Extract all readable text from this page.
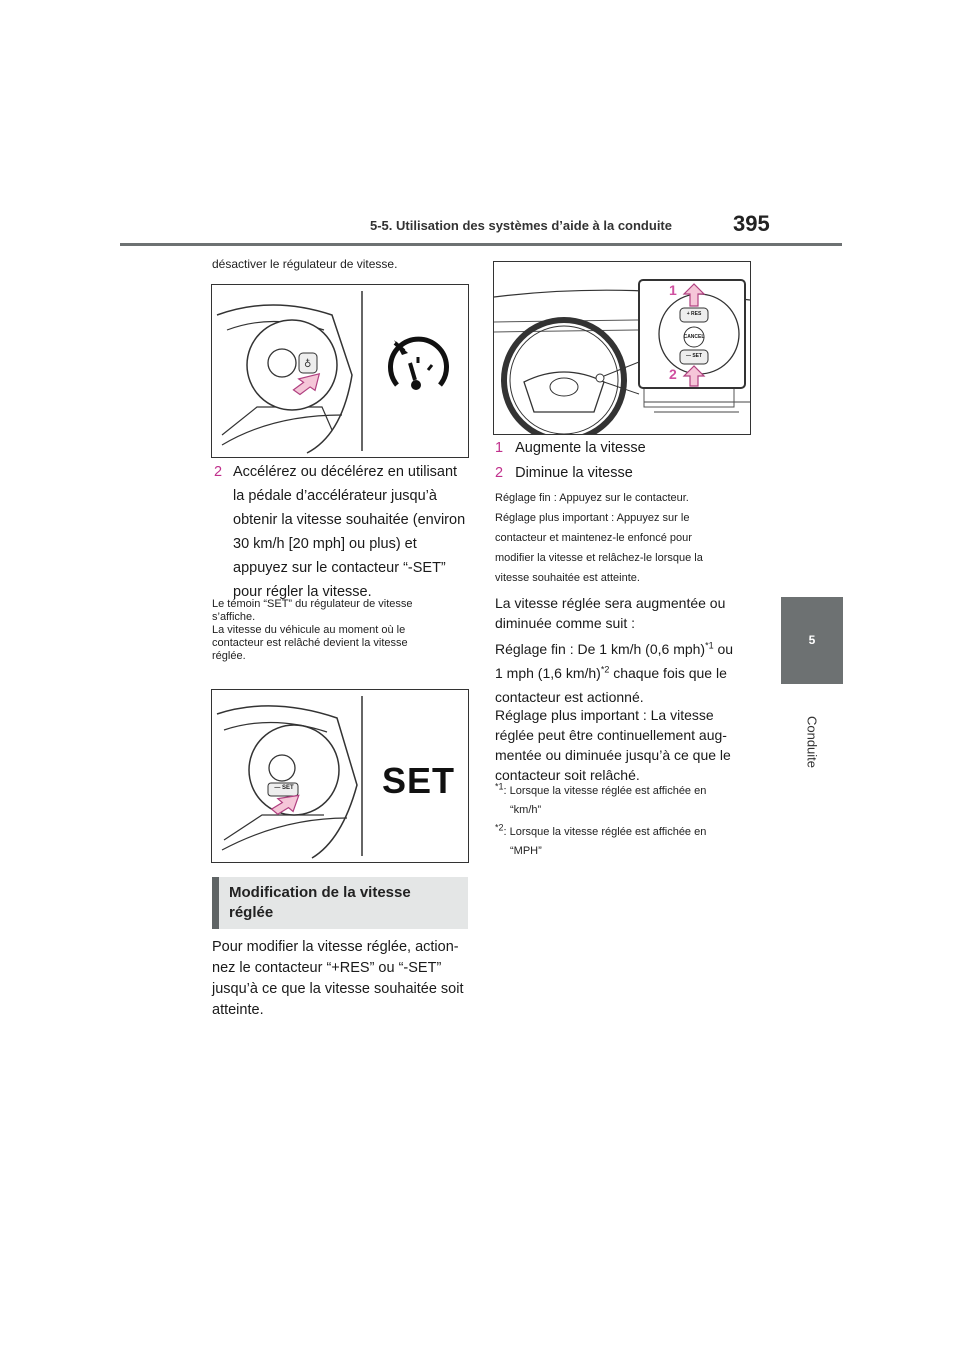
5-5. Utilisation des systèmes d’aide à la conduite	395
5
Conduite
désactiver le régulateur de vitesse.
♁
2 Accélérez ou décélérez en utilisant
la pédale d’accélérateur jusqu’à
obtenir la vitesse souhaitée (environ
30 km/h [20 mph] ou plus) et
appuyez sur le contacteur “-SET”
pour régler la vitesse.
Le témoin “SET” du régulateur de vitesse
s’affiche.
La vitesse du véhicule au moment où le
contacteur est relâché devient la vitesse
réglée.
— SET SET
Modification de la vitesse réglée
Pour modifier la vitesse réglée, action-
nez le contacteur “+RES” ou “-SET”
jusqu’à ce que la vitesse souhaitée soit
atteinte.
1
2
+ RES
CANCEL
— SET
1 Augmente la vitesse
2 Diminue la vitesse
Réglage fin : Appuyez sur le contacteur.
Réglage plus important : Appuyez sur le
contacteur et maintenez-le enfoncé pour
modifier la vitesse et relâchez-le lorsque la
vitesse souhaitée est atteinte.
La vitesse réglée sera augmentée ou
diminuée comme suit :
Réglage fin : De 1 km/h (0,6 mph)$^{*1}$ ou
1 mph (1,6 km/h)$^{*2}$ chaque fois que le
contacteur est actionné.
Réglage plus important : La vitesse
réglée peut être continuellement aug-
mentée ou diminuée jusqu’à ce que le
contacteur soit relâché.
$^{*1}$: Lorsque la vitesse réglée est affichée en
“km/h”
$^{*2}$: Lorsque la vitesse réglée est affichée en
“MPH”
